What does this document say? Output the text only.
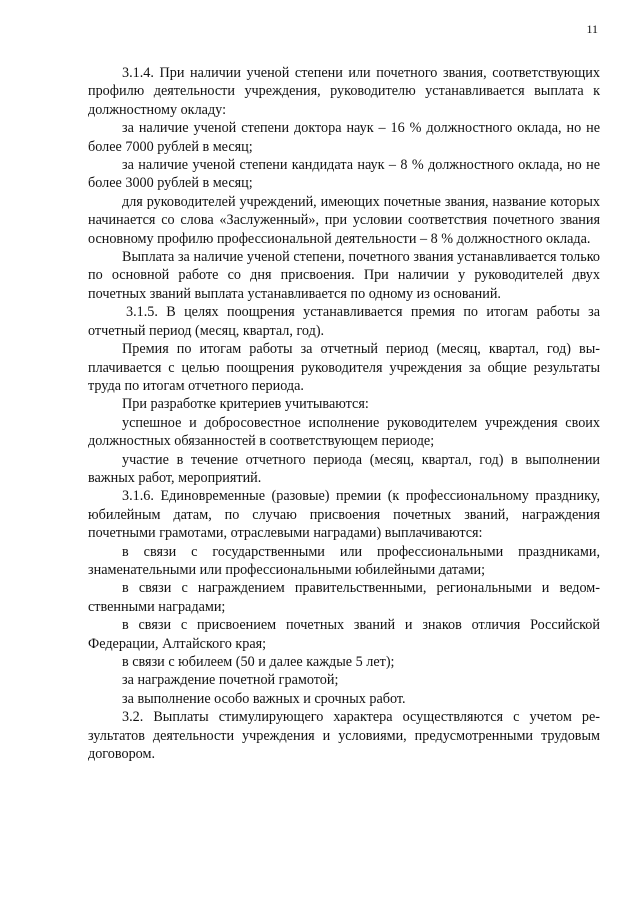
11

3.1.4. При наличии ученой степени или почетного звания, соответствующих профилю деятельности учреждения, руководителю устанавливается выплата к должностному окладу:

за наличие ученой степени доктора наук – 16 % должностного оклада, но не более 7000 рублей в месяц;

за наличие ученой степени кандидата наук – 8 % должностного оклада, но не более 3000 рублей в месяц;

для руководителей учреждений, имеющих почетные звания, название которых начинается со слова «Заслуженный», при условии соответствия почетного звания основному профилю профессиональной деятельности – 8 % должностного оклада.

Выплата за наличие ученой степени, почетного звания устанавливается только по основной работе со дня присвоения. При наличии у руководителей двух почетных званий выплата устанавливается по одному из оснований.

3.1.5. В целях поощрения устанавливается премия по итогам работы за отчетный период (месяц, квартал, год).

Премия по итогам работы за отчетный период (месяц, квартал, год) выплачивается с целью поощрения руководителя учреждения за общие результаты труда по итогам отчетного периода.

При разработке критериев учитываются:

успешное и добросовестное исполнение руководителем учреждения своих должностных обязанностей в соответствующем периоде;

участие в течение отчетного периода (месяц, квартал, год) в выполнении важных работ, мероприятий.

3.1.6. Единовременные (разовые) премии (к профессиональному празднику, юбилейным датам, по случаю присвоения почетных званий, награждения почетными грамотами, отраслевыми наградами) выплачиваются:

в связи с государственными или профессиональными праздниками, знаменательными или профессиональными юбилейными датами;

в связи с награждением правительственными, региональными и ведомственными наградами;

в связи с присвоением почетных званий и знаков отличия Российской Федерации, Алтайского края;

в связи с юбилеем (50 и далее каждые 5 лет);

за награждение почетной грамотой;

за выполнение особо важных и срочных работ.

3.2. Выплаты стимулирующего характера осуществляются с учетом результатов деятельности учреждения и условиями, предусмотренными трудовым договором.
